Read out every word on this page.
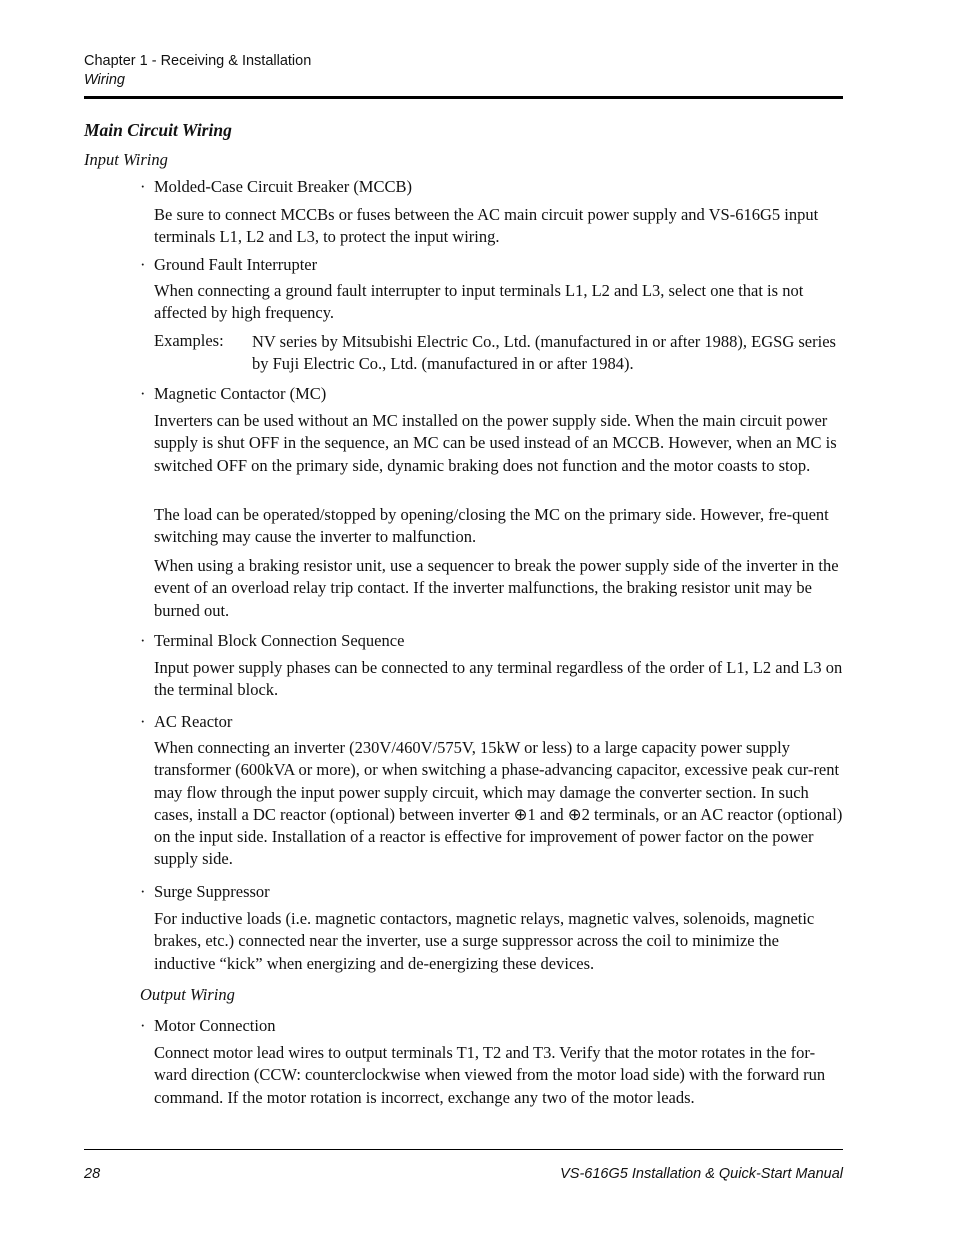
Chapter 1 - Receiving & Installation
Wiring
Main Circuit Wiring
Input Wiring
· Molded-Case Circuit Breaker (MCCB)
Be sure to connect MCCBs or fuses between the AC main circuit power supply and VS-616G5 input terminals L1, L2 and L3, to protect the input wiring.
· Ground Fault Interrupter
When connecting a ground fault interrupter to input terminals L1, L2 and L3, select one that is not affected by high frequency.
Examples: NV series by Mitsubishi Electric Co., Ltd. (manufactured in or after 1988), EGSG series by Fuji Electric Co., Ltd. (manufactured in or after 1984).
· Magnetic Contactor (MC)
Inverters can be used without an MC installed on the power supply side. When the main circuit power supply is shut OFF in the sequence, an MC can be used instead of an MCCB. However, when an MC is switched OFF on the primary side, dynamic braking does not function and the motor coasts to stop.
The load can be operated/stopped by opening/closing the MC on the primary side. However, fre-quent switching may cause the inverter to malfunction.
When using a braking resistor unit, use a sequencer to break the power supply side of the inverter in the event of an overload relay trip contact. If the inverter malfunctions, the braking resistor unit may be burned out.
· Terminal Block Connection Sequence
Input power supply phases can be connected to any terminal regardless of the order of L1, L2 and L3 on the terminal block.
· AC Reactor
When connecting an inverter (230V/460V/575V, 15kW or less) to a large capacity power supply transformer (600kVA or more), or when switching a phase-advancing capacitor, excessive peak cur-rent may flow through the input power supply circuit, which may damage the converter section. In such cases, install a DC reactor (optional) between inverter ⊕1 and ⊕2 terminals, or an AC reactor (optional) on the input side. Installation of a reactor is effective for improvement of power factor on the power supply side.
· Surge Suppressor
For inductive loads (i.e. magnetic contactors, magnetic relays, magnetic valves, solenoids, magnetic brakes, etc.) connected near the inverter, use a surge suppressor across the coil to minimize the inductive “kick” when energizing and de-energizing these devices.
Output Wiring
· Motor Connection
Connect motor lead wires to output terminals T1, T2 and T3. Verify that the motor rotates in the for-ward direction (CCW: counterclockwise when viewed from the motor load side) with the forward run command. If the motor rotation is incorrect, exchange any two of the motor leads.
28	VS-616G5 Installation & Quick-Start Manual
